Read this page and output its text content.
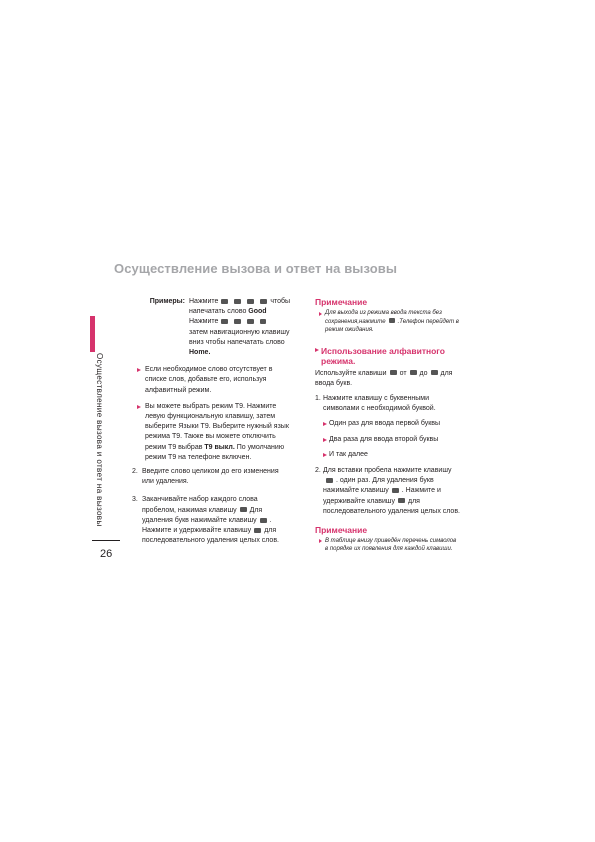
Осуществление вызова и ответ на вызовы
Осуществление вызова и ответ на вызовы
26
Примеры: Нажмите	чтобы
напечатать слово Good
Нажмите
затем навигационную клавишу
вниз чтобы напечатать слово
Home.
Если необходимое слово отсутствует в списке слов, добавьте его, используя алфавитный режим.
Вы можете выбрать режим T9. Нажмите левую функциональную клавишу, затем выберите Языки T9. Выберите нужный язык режима T9. Также вы можете отключить режим T9 выбрав T9 выкл. По умолчанию режим T9 на телефоне включен.
2. Введите слово целиком до его изменения или удаления.
3. Заканчивайте набор каждого слова пробелом, нажимая клавишу Для удаления букв нажимайте клавишу . Нажмите и удерживайте клавишу для последовательного удаления целых слов.
Примечание
Для выхода из режима ввода текста без сохранения,нажмите .Телефон перейдет в режим ожидания.
Использование алфавитного режима.
Используйте клавиши от до для ввода букв.
1. Нажмите клавишу с буквенными символами с необходимой буквой.
Один раз для ввода первой буквы
Два раза для ввода второй буквы
И так далее
2. Для вставки пробела нажмите клавишу. один раз. Для удаления букв нажимайте клавишу . Нажмите и удерживайте клавишу для последовательного удаления целых слов.
Примечание
В таблице внизу приведён перечень символов в порядке их появления для каждой клавиши.
